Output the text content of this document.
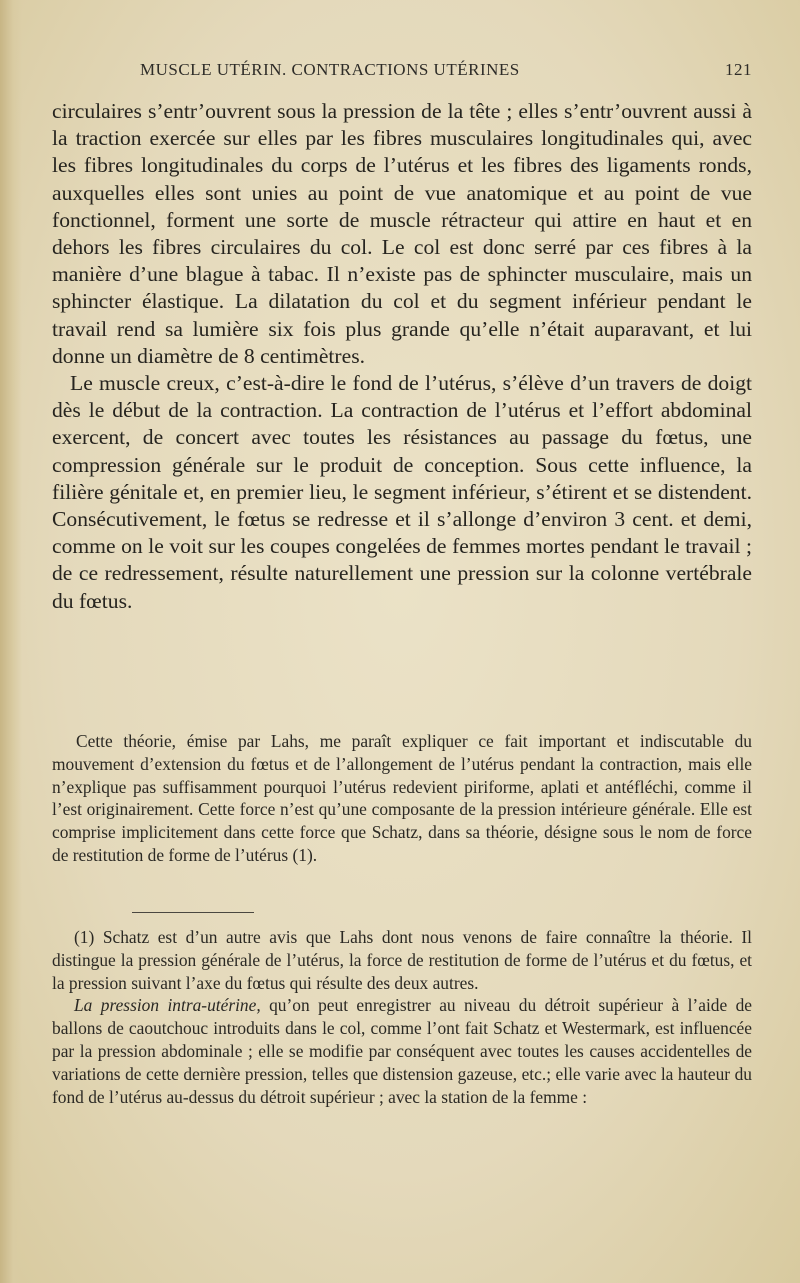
MUSCLE UTÉRIN. CONTRACTIONS UTÉRINES	121

circulaires s’entr’ouvrent sous la pression de la tête ; elles s’entr’ouvrent aussi à la traction exercée sur elles par les fibres musculaires longitudinales qui, avec les fibres longitudinales du corps de l’utérus et les fibres des ligaments ronds, auxquelles elles sont unies au point de vue anatomique et au point de vue fonctionnel, forment une sorte de muscle rétracteur qui attire en haut et en dehors les fibres circulaires du col. Le col est donc serré par ces fibres à la manière d’une blague à tabac. Il n’existe pas de sphincter musculaire, mais un sphincter élastique. La dilatation du col et du segment inférieur pendant le travail rend sa lumière six fois plus grande qu’elle n’était auparavant, et lui donne un diamètre de 8 centimètres.

Le muscle creux, c’est-à-dire le fond de l’utérus, s’élève d’un travers de doigt dès le début de la contraction. La contraction de l’utérus et l’effort abdominal exercent, de concert avec toutes les résistances au passage du fœtus, une compression générale sur le produit de conception. Sous cette influence, la filière génitale et, en premier lieu, le segment inférieur, s’étirent et se distendent. Consécutivement, le fœtus se redresse et il s’allonge d’environ 3 cent. et demi, comme on le voit sur les coupes congelées de femmes mortes pendant le travail ; de ce redressement, résulte naturellement une pression sur la colonne vertébrale du fœtus.

Cette théorie, émise par Lahs, me paraît expliquer ce fait important et indiscutable du mouvement d’extension du fœtus et de l’allongement de l’utérus pendant la contraction, mais elle n’explique pas suffisamment pourquoi l’utérus redevient piriforme, aplati et antéfléchi, comme il l’est originairement. Cette force n’est qu’une composante de la pression intérieure générale. Elle est comprise implicitement dans cette force que Schatz, dans sa théorie, désigne sous le nom de force de restitution de forme de l’utérus (1).

(1) Schatz est d’un autre avis que Lahs dont nous venons de faire connaître la théorie. Il distingue la pression générale de l’utérus, la force de restitution de forme de l’utérus et du fœtus, et la pression suivant l’axe du fœtus qui résulte des deux autres.

La pression intra-utérine, qu’on peut enregistrer au niveau du détroit supérieur à l’aide de ballons de caoutchouc introduits dans le col, comme l’ont fait Schatz et Westermark, est influencée par la pression abdominale ; elle se modifie par conséquent avec toutes les causes accidentelles de variations de cette dernière pression, telles que distension gazeuse, etc.; elle varie avec la hauteur du fond de l’utérus au-dessus du détroit supérieur ; avec la station de la femme :
